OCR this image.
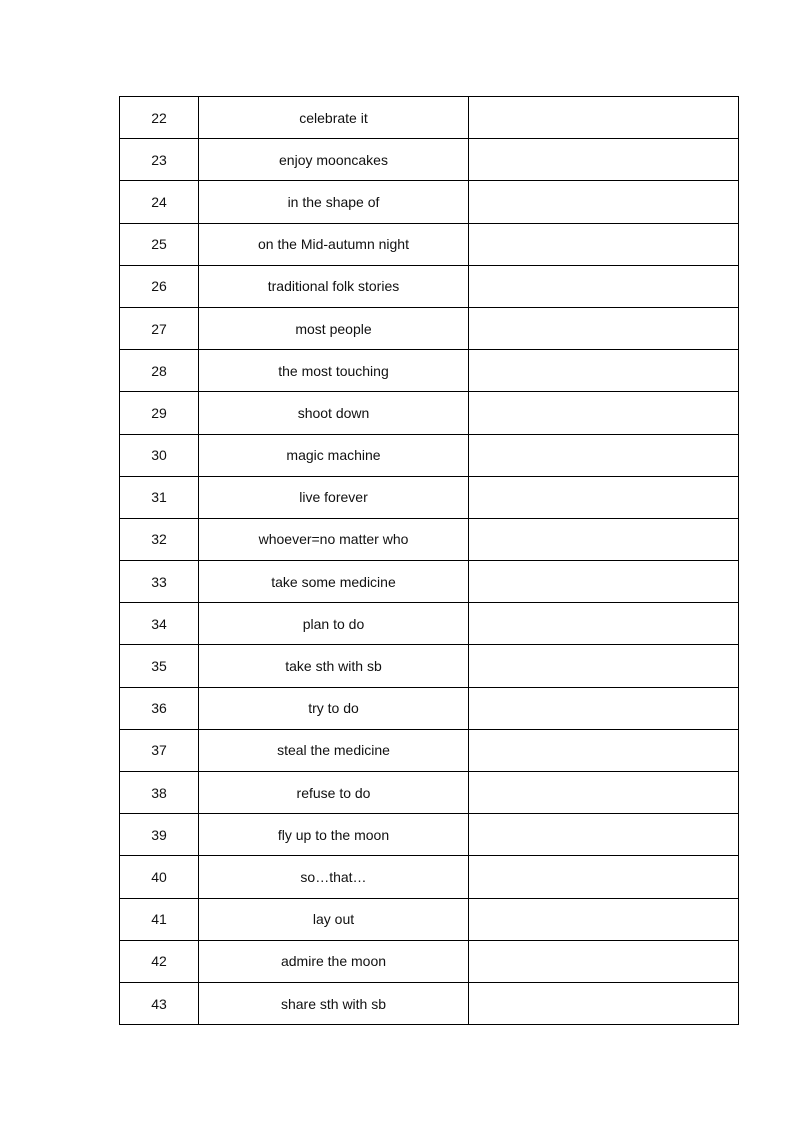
22	celebrate it	
23	enjoy mooncakes	
24	in the shape of	
25	on the Mid-autumn night	
26	traditional folk stories	
27	most people	
28	the most touching	
29	shoot down	
30	magic machine	
31	live forever	
32	whoever=no matter who	
33	take some medicine	
34	plan to do	
35	take sth with sb	
36	try to do	
37	steal the medicine	
38	refuse to do	
39	fly up to the moon	
40	so…that…	
41	lay out	
42	admire the moon	
43	share sth with sb	
